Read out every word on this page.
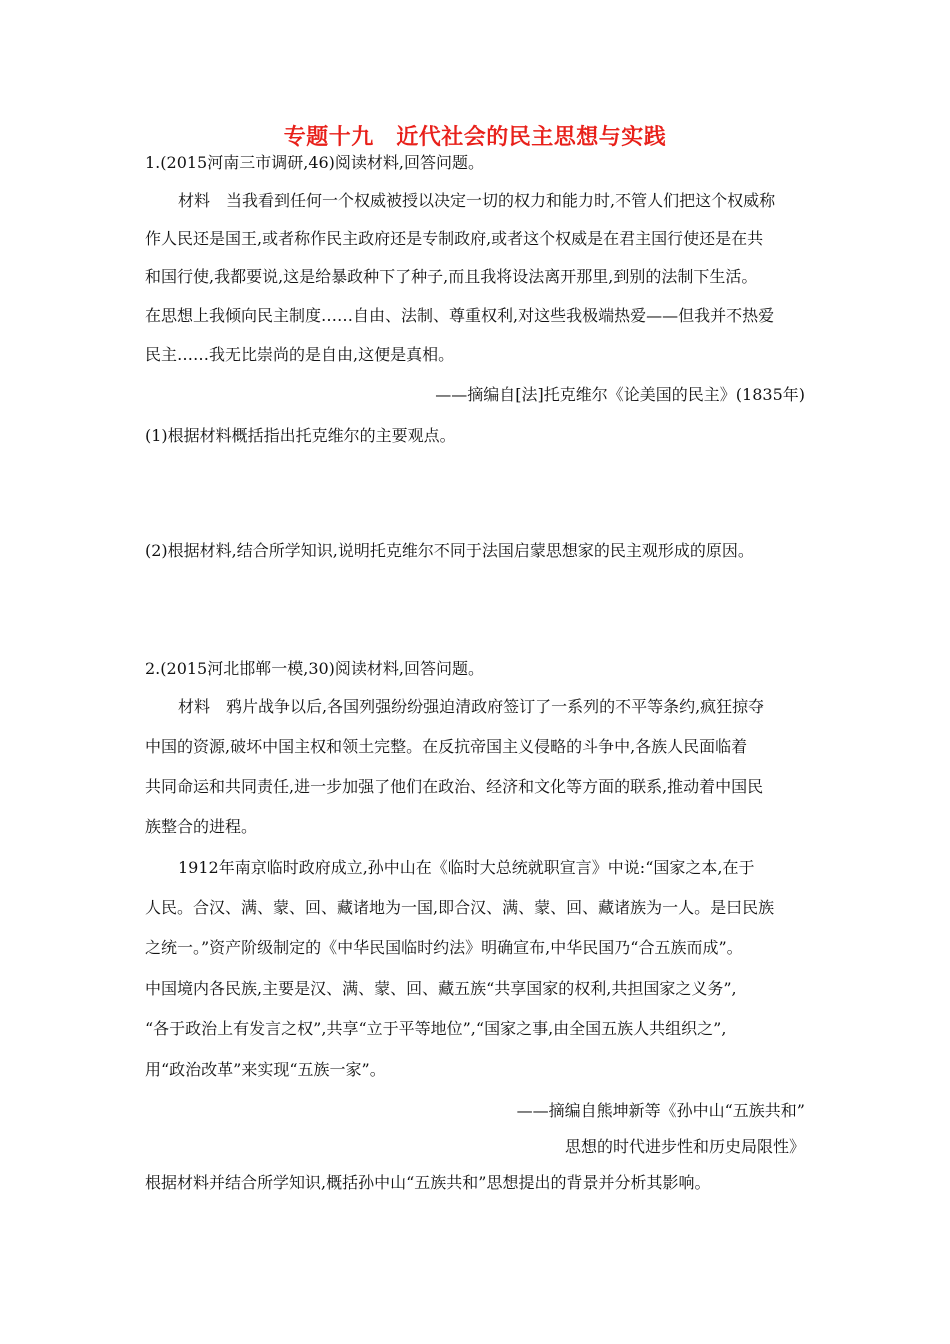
专题十九　近代社会的民主思想与实践
1.(2015河南三市调研,46)阅读材料,回答问题。
材料　当我看到任何一个权威被授以决定一切的权力和能力时,不管人们把这个权威称
作人民还是国王,或者称作民主政府还是专制政府,或者这个权威是在君主国行使还是在共
和国行使,我都要说,这是给暴政种下了种子,而且我将设法离开那里,到别的法制下生活。
在思想上我倾向民主制度……自由、法制、尊重权利,对这些我极端热爱——但我并不热爱
民主……我无比崇尚的是自由,这便是真相。
——摘编自[法]托克维尔《论美国的民主》(1835年)
(1)根据材料概括指出托克维尔的主要观点。
(2)根据材料,结合所学知识,说明托克维尔不同于法国启蒙思想家的民主观形成的原因。
2.(2015河北邯郸一模,30)阅读材料,回答问题。
材料　鸦片战争以后,各国列强纷纷强迫清政府签订了一系列的不平等条约,疯狂掠夺
中国的资源,破坏中国主权和领土完整。在反抗帝国主义侵略的斗争中,各族人民面临着
共同命运和共同责任,进一步加强了他们在政治、经济和文化等方面的联系,推动着中国民
族整合的进程。
1912年南京临时政府成立,孙中山在《临时大总统就职宣言》中说:“国家之本,在于
人民。合汉、满、蒙、回、藏诸地为一国,即合汉、满、蒙、回、藏诸族为一人。是曰民族
之统一。”资产阶级制定的《中华民国临时约法》明确宣布,中华民国乃“合五族而成”。
中国境内各民族,主要是汉、满、蒙、回、藏五族“共享国家的权利,共担国家之义务”,
“各于政治上有发言之权”,共享“立于平等地位”,“国家之事,由全国五族人共组织之”,
用“政治改革”来实现“五族一家”。
——摘编自熊坤新等《孙中山“五族共和”
思想的时代进步性和历史局限性》
根据材料并结合所学知识,概括孙中山“五族共和”思想提出的背景并分析其影响。
